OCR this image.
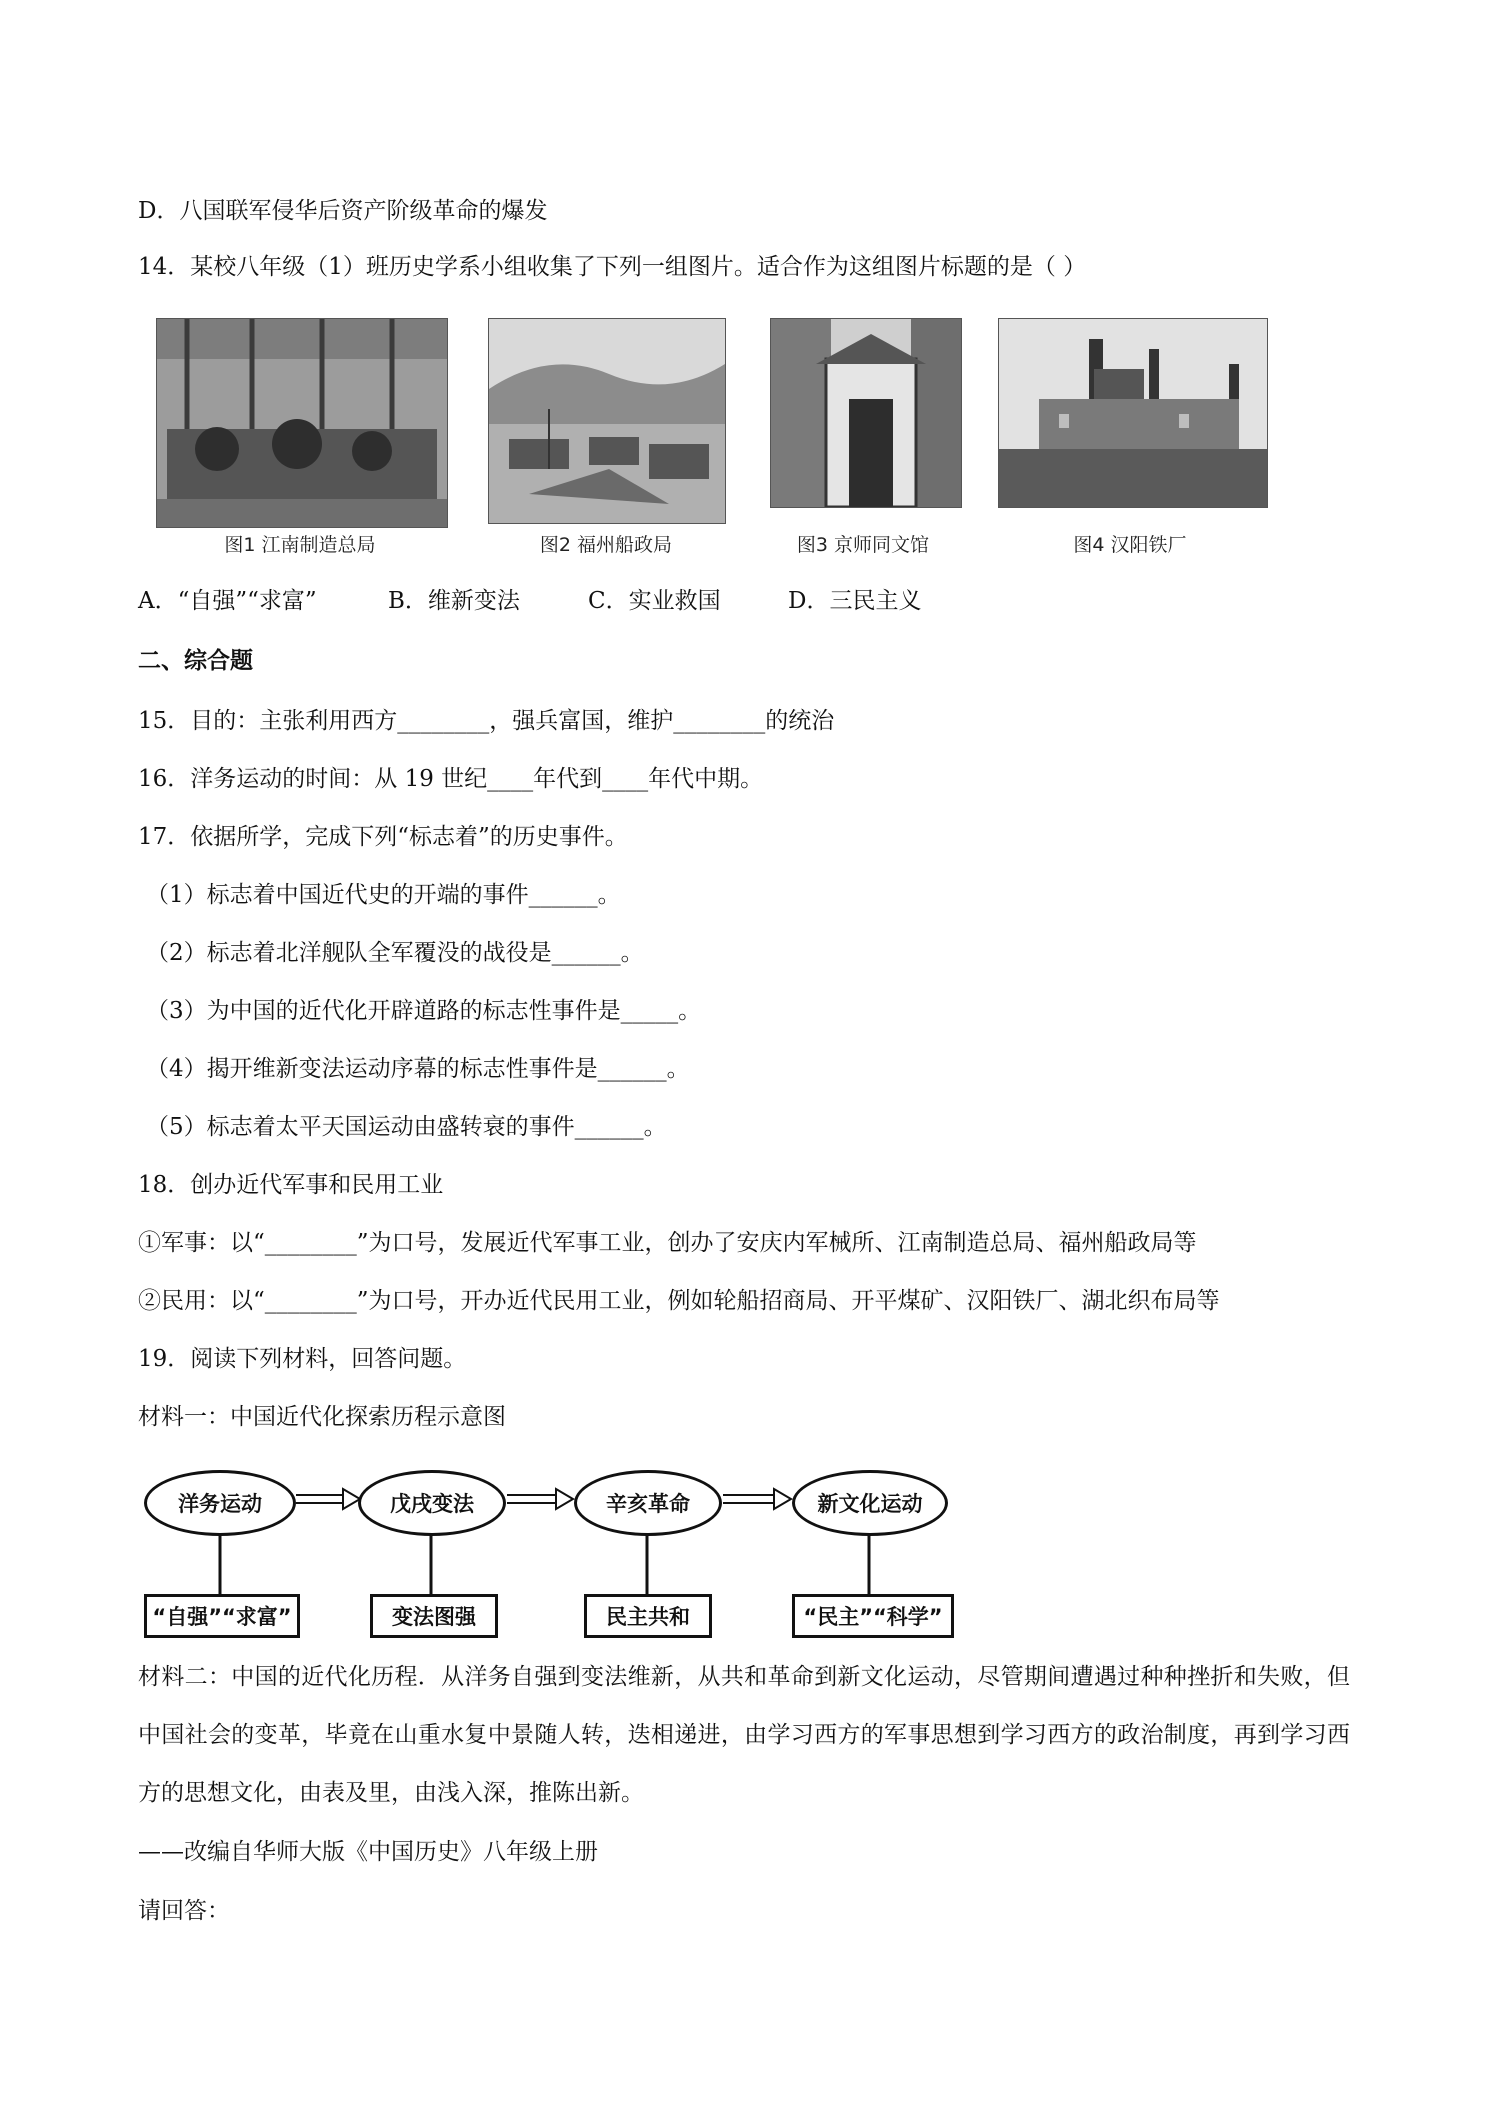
D．八国联军侵华后资产阶级革命的爆发
14．某校八年级（1）班历史学系小组收集了下列一组图片。适合作为这组图片标题的是（ ）
图1 江南制造总局	图2 福州船政局	图3 京师同文馆	图4 汉阳铁厂
A．“自强”“求富”	B．维新变法	C．实业救国	D．三民主义
二、综合题
15．目的：主张利用西方________，强兵富国，维护________的统治
16．洋务运动的时间：从 19 世纪____年代到____年代中期。
17．依据所学，完成下列“标志着”的历史事件。
（1）标志着中国近代史的开端的事件______。
（2）标志着北洋舰队全军覆没的战役是______。
（3）为中国的近代化开辟道路的标志性事件是_____。
（4）揭开维新变法运动序幕的标志性事件是______。
（5）标志着太平天国运动由盛转衰的事件______。
18．创办近代军事和民用工业
①军事：以“________”为口号，发展近代军事工业，创办了安庆内军械所、江南制造总局、福州船政局等
②民用：以“________”为口号，开办近代民用工业，例如轮船招商局、开平煤矿、汉阳铁厂、湖北织布局等
19．阅读下列材料，回答问题。
材料一：中国近代化探索历程示意图
洋务运动	戊戌变法	辛亥革命	新文化运动
“自强”“求富”	变法图强	民主共和	“民主”“科学”
材料二：中国的近代化历程．从洋务自强到变法维新，从共和革命到新文化运动，尽管期间遭遇过种种挫折和失败，但中国社会的变革，毕竟在山重水复中景随人转，迭相递进，由学习西方的军事思想到学习西方的政治制度，再到学习西方的思想文化，由表及里，由浅入深，推陈出新。
——改编自华师大版《中国历史》八年级上册
请回答：
